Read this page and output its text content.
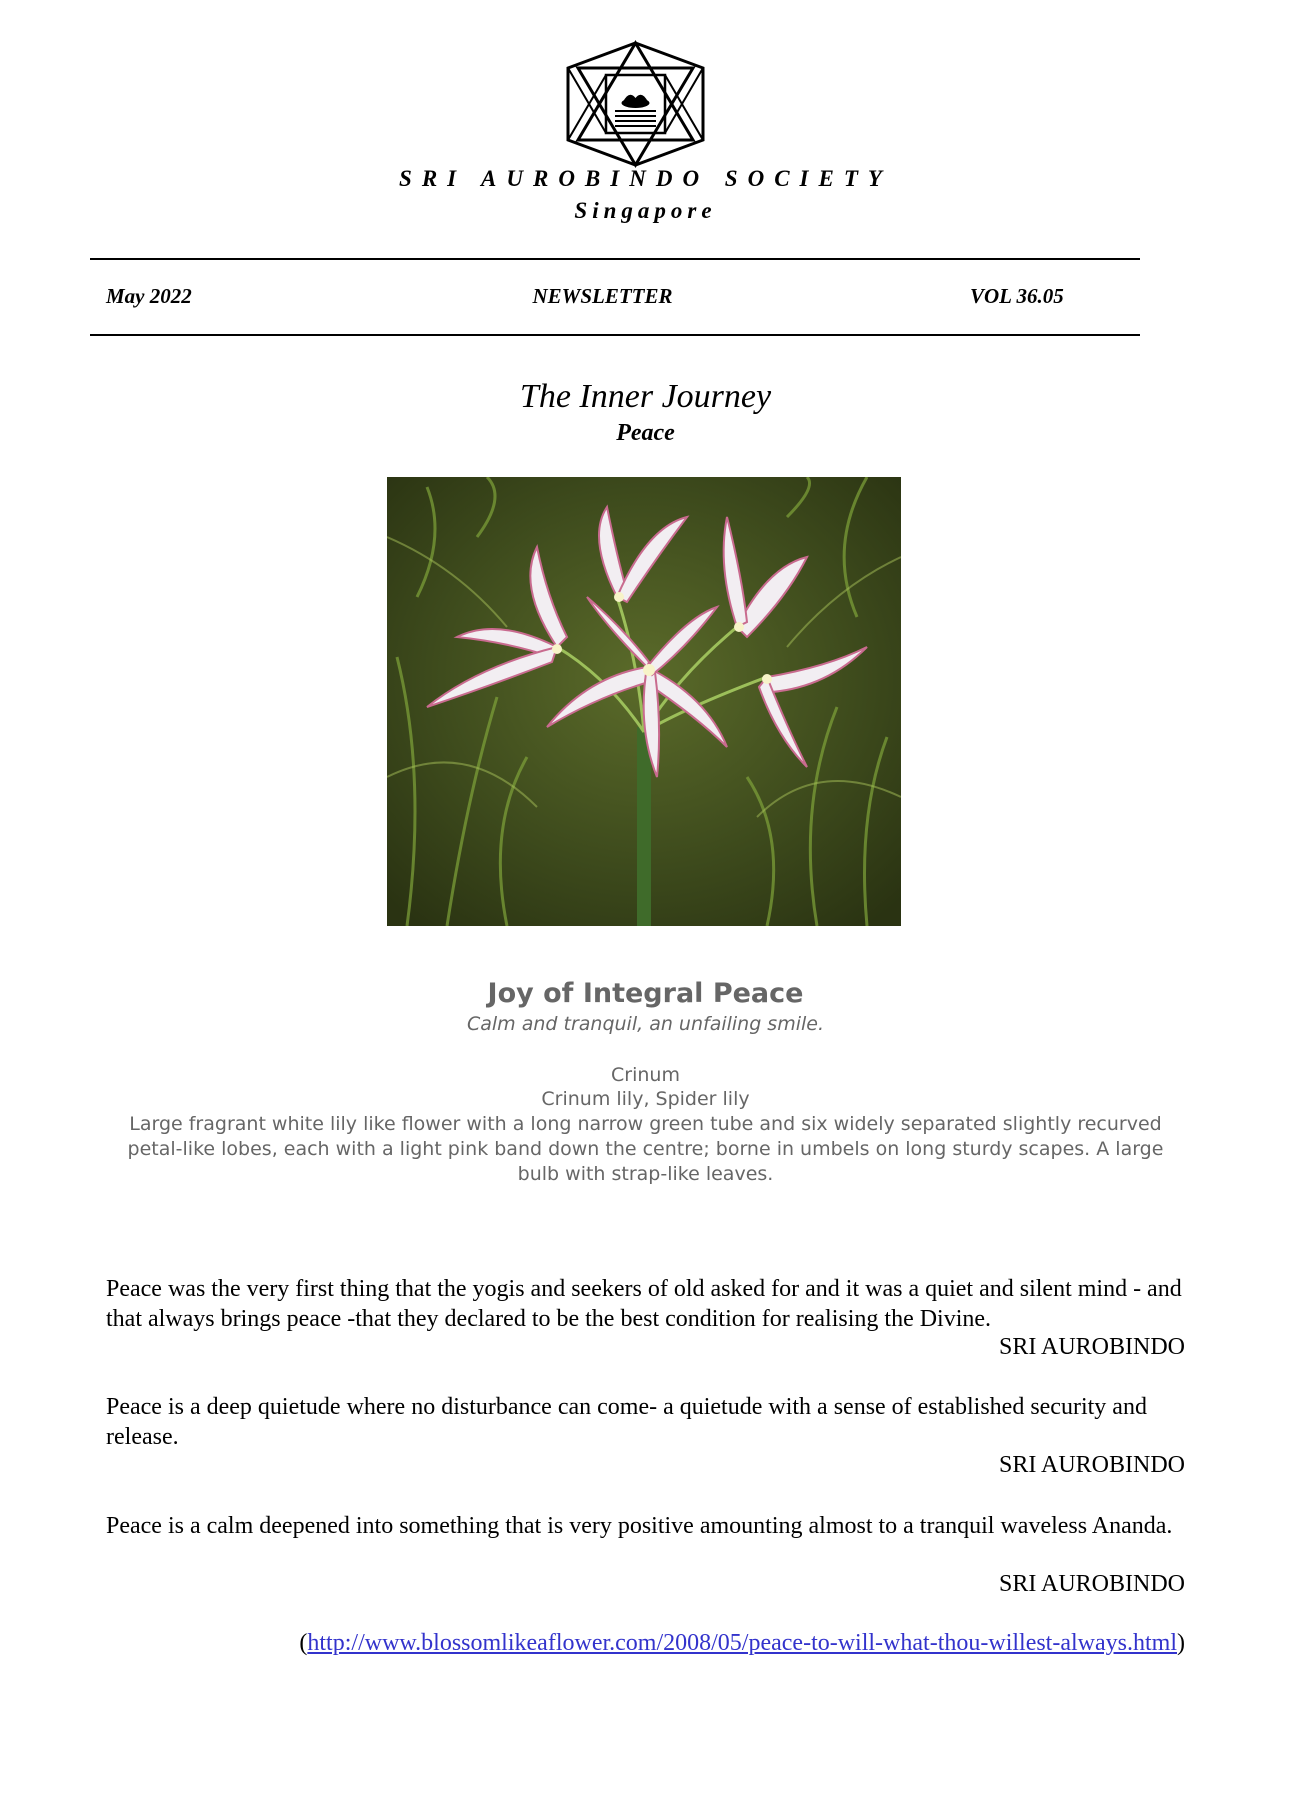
SRI AUROBINDO SOCIETY
Singapore
May 2022	NEWSLETTER	VOL 36.05
The Inner Journey
Peace
Joy of Integral Peace
Calm and tranquil, an unfailing smile.
Crinum
Crinum lily, Spider lily
Large fragrant white lily like flower with a long narrow green tube and six widely separated slightly recurved petal-like lobes, each with a light pink band down the centre; borne in umbels on long sturdy scapes. A large bulb with strap-like leaves.
Peace was the very first thing that the yogis and seekers of old asked for and it was a quiet and silent mind - and that always brings peace -that they declared to be the best condition for realising the Divine.
SRI AUROBINDO
Peace is a deep quietude where no disturbance can come- a quietude with a sense of established security and release.
SRI AUROBINDO
Peace is a calm deepened into something that is very positive amounting almost to a tranquil waveless Ananda.
SRI AUROBINDO
(http://www.blossomlikeaflower.com/2008/05/peace-to-will-what-thou-willest-always.html)
